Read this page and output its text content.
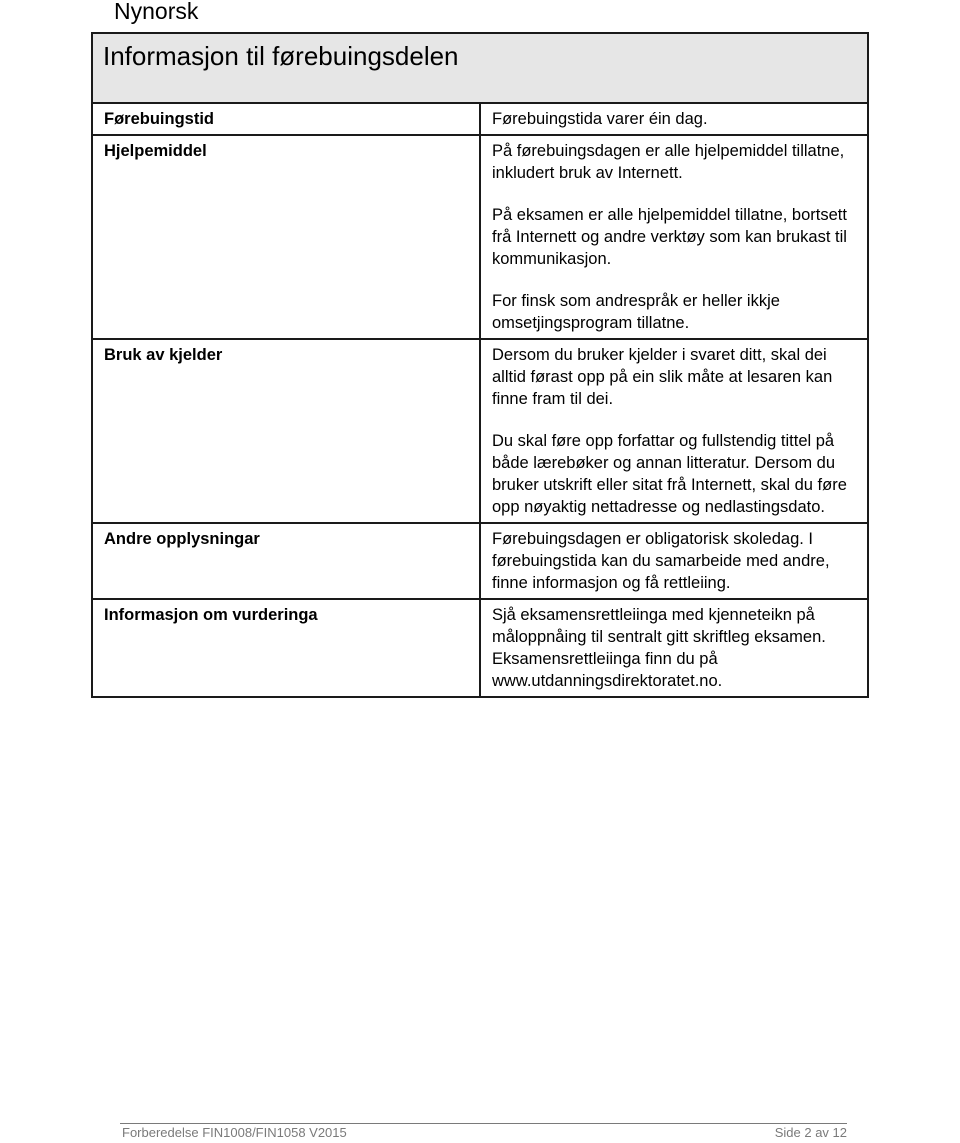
Nynorsk
Informasjon til førebuingsdelen	
Førebuingstid	Førebuingstida varer éin dag.

Hjelpemiddel	På førebuingsdagen er alle hjelpemiddel tillatne, inkludert bruk av Internett.

På eksamen er alle hjelpemiddel tillatne, bortsett frå Internett og andre verktøy som kan brukast til kommunikasjon.

For finsk som andrespråk er heller ikkje omsetjingsprogram tillatne.

Bruk av kjelder	Dersom du bruker kjelder i svaret ditt, skal dei alltid førast opp på ein slik måte at lesaren kan finne fram til dei.

Du skal føre opp forfattar og fullstendig tittel på både lærebøker og annan litteratur. Dersom du bruker utskrift eller sitat frå Internett, skal du føre opp nøyaktig nettadresse og nedlastingsdato.

Andre opplysningar	Førebuingsdagen er obligatorisk skoledag. I førebuingstida kan du samarbeide med andre, finne informasjon og få rettleiing.

Informasjon om vurderinga	Sjå eksamensrettleiinga med kjenneteikn på måloppnåing til sentralt gitt skriftleg eksamen. Eksamensrettleiinga finn du på www.utdanningsdirektoratet.no.

Forberedelse FIN1008/FIN1058 V2015	Side 2 av 12
